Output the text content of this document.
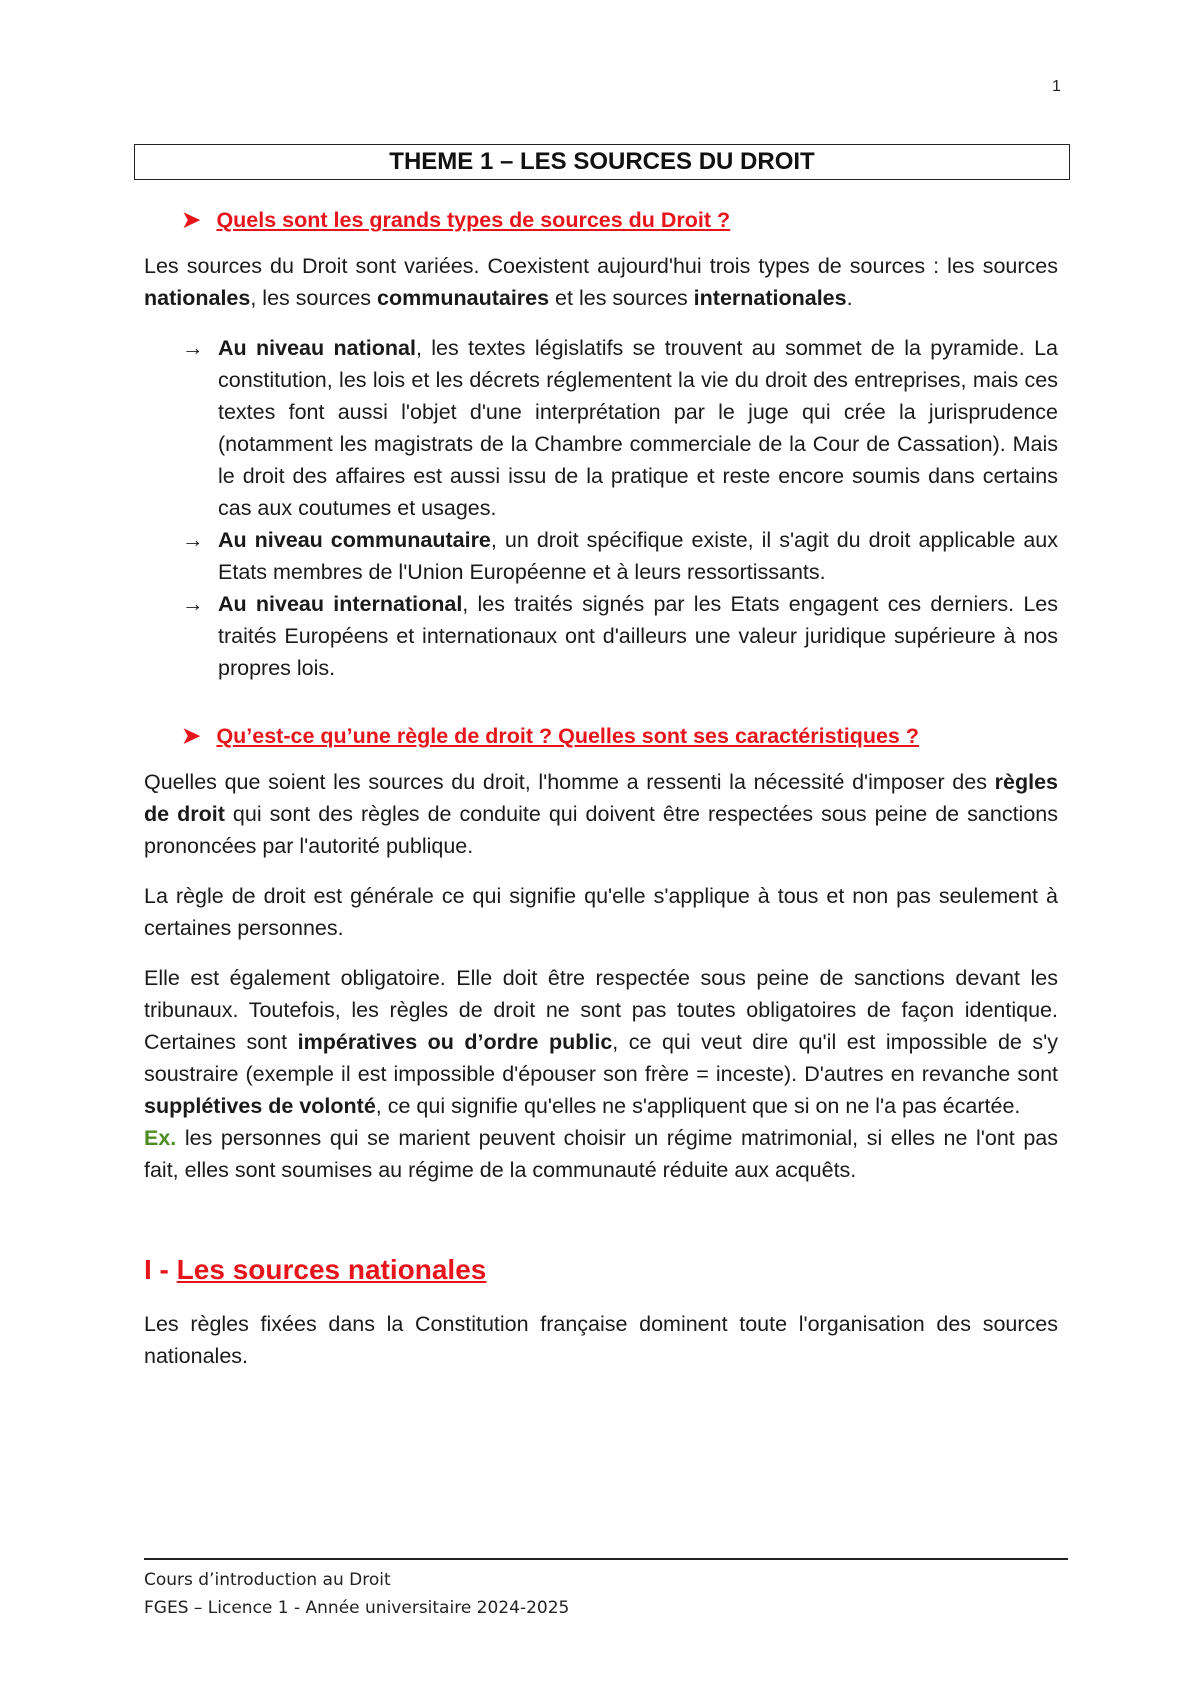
1
THEME 1 – LES SOURCES DU DROIT
➤ Quels sont les grands types de sources du Droit ?

Les sources du Droit sont variées. Coexistent aujourd'hui trois types de sources : les sources nationales, les sources communautaires et les sources internationales.

→ Au niveau national, les textes législatifs se trouvent au sommet de la pyramide. La constitution, les lois et les décrets réglementent la vie du droit des entreprises, mais ces textes font aussi l'objet d'une interprétation par le juge qui crée la jurisprudence (notamment les magistrats de la Chambre commerciale de la Cour de Cassation). Mais le droit des affaires est aussi issu de la pratique et reste encore soumis dans certains cas aux coutumes et usages.
→ Au niveau communautaire, un droit spécifique existe, il s'agit du droit applicable aux Etats membres de l'Union Européenne et à leurs ressortissants.
→ Au niveau international, les traités signés par les Etats engagent ces derniers. Les traités Européens et internationaux ont d'ailleurs une valeur juridique supérieure à nos propres lois.
➤ Qu’est-ce qu’une règle de droit ? Quelles sont ses caractéristiques ?

Quelles que soient les sources du droit, l'homme a ressenti la nécessité d'imposer des règles de droit qui sont des règles de conduite qui doivent être respectées sous peine de sanctions prononcées par l'autorité publique.

La règle de droit est générale ce qui signifie qu'elle s'applique à tous et non pas seulement à certaines personnes.

Elle est également obligatoire. Elle doit être respectée sous peine de sanctions devant les tribunaux. Toutefois, les règles de droit ne sont pas toutes obligatoires de façon identique. Certaines sont impératives ou d’ordre public, ce qui veut dire qu'il est impossible de s'y soustraire (exemple il est impossible d'épouser son frère = inceste). D'autres en revanche sont supplétives de volonté, ce qui signifie qu'elles ne s'appliquent que si on ne l'a pas écartée.
Ex. les personnes qui se marient peuvent choisir un régime matrimonial, si elles ne l'ont pas fait, elles sont soumises au régime de la communauté réduite aux acquêts.

I - Les sources nationales

Les règles fixées dans la Constitution française dominent toute l'organisation des sources nationales.

Cours d’introduction au Droit
FGES – Licence 1 - Année universitaire 2024-2025
